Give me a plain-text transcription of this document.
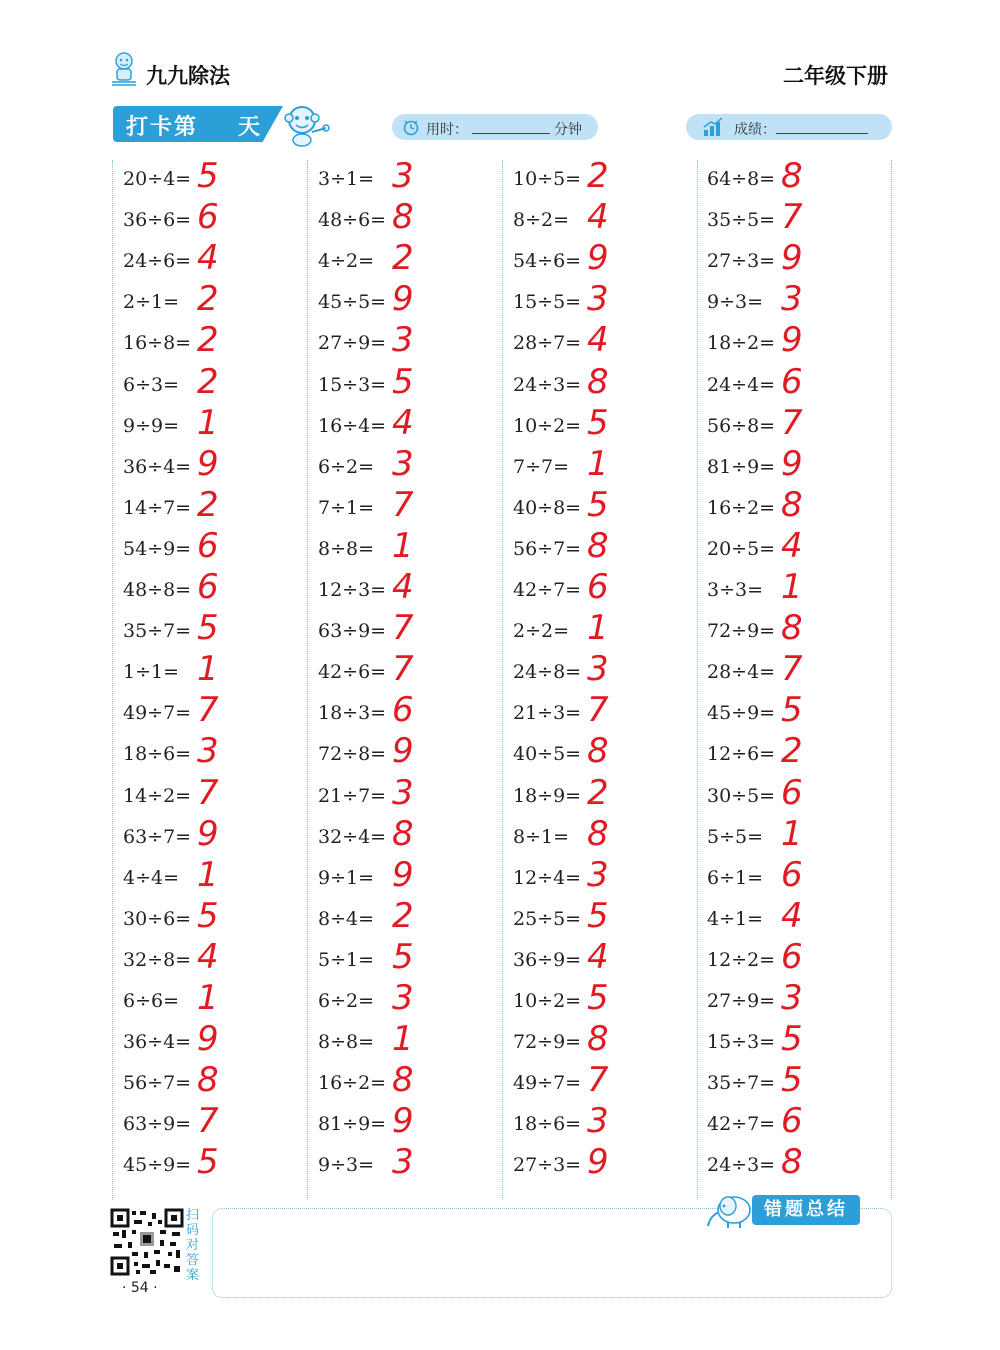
九九除法	二年级下册
打卡第 天	用时：	分钟	成绩：
20÷4= 5
36÷6= 6
24÷6= 4
2÷1= 2
16÷8= 2
6÷3= 2
9÷9= 1
36÷4= 9
14÷7= 2
54÷9= 6
48÷8= 6
35÷7= 5
1÷1= 1
49÷7= 7
18÷6= 3
14÷2= 7
63÷7= 9
4÷4= 1
30÷6= 5
32÷8= 4
6÷6= 1
36÷4= 9
56÷7= 8
63÷9= 7
45÷9= 5
3÷1= 3
48÷6= 8
4÷2= 2
45÷5= 9
27÷9= 3
15÷3= 5
16÷4= 4
6÷2= 3
7÷1= 7
8÷8= 1
12÷3= 4
63÷9= 7
42÷6= 7
18÷3= 6
72÷8= 9
21÷7= 3
32÷4= 8
9÷1= 9
8÷4= 2
5÷1= 5
6÷2= 3
8÷8= 1
16÷2= 8
81÷9= 9
9÷3= 3
10÷5= 2
8÷2= 4
54÷6= 9
15÷5= 3
28÷7= 4
24÷3= 8
10÷2= 5
7÷7= 1
40÷8= 5
56÷7= 8
42÷7= 6
2÷2= 1
24÷8= 3
21÷3= 7
40÷5= 8
18÷9= 2
8÷1= 8
12÷4= 3
25÷5= 5
36÷9= 4
10÷2= 5
72÷9= 8
49÷7= 7
18÷6= 3
27÷3= 9
64÷8= 8
35÷5= 7
27÷3= 9
9÷3= 3
18÷2= 9
24÷4= 6
56÷8= 7
81÷9= 9
16÷2= 8
20÷5= 4
3÷3= 1
72÷9= 8
28÷4= 7
45÷9= 5
12÷6= 2
30÷5= 6
5÷5= 1
6÷1= 6
4÷1= 4
12÷2= 6
27÷9= 3
15÷3= 5
35÷7= 5
42÷7= 6
24÷3= 8
错题总结
扫码对答案
· 54 ·
